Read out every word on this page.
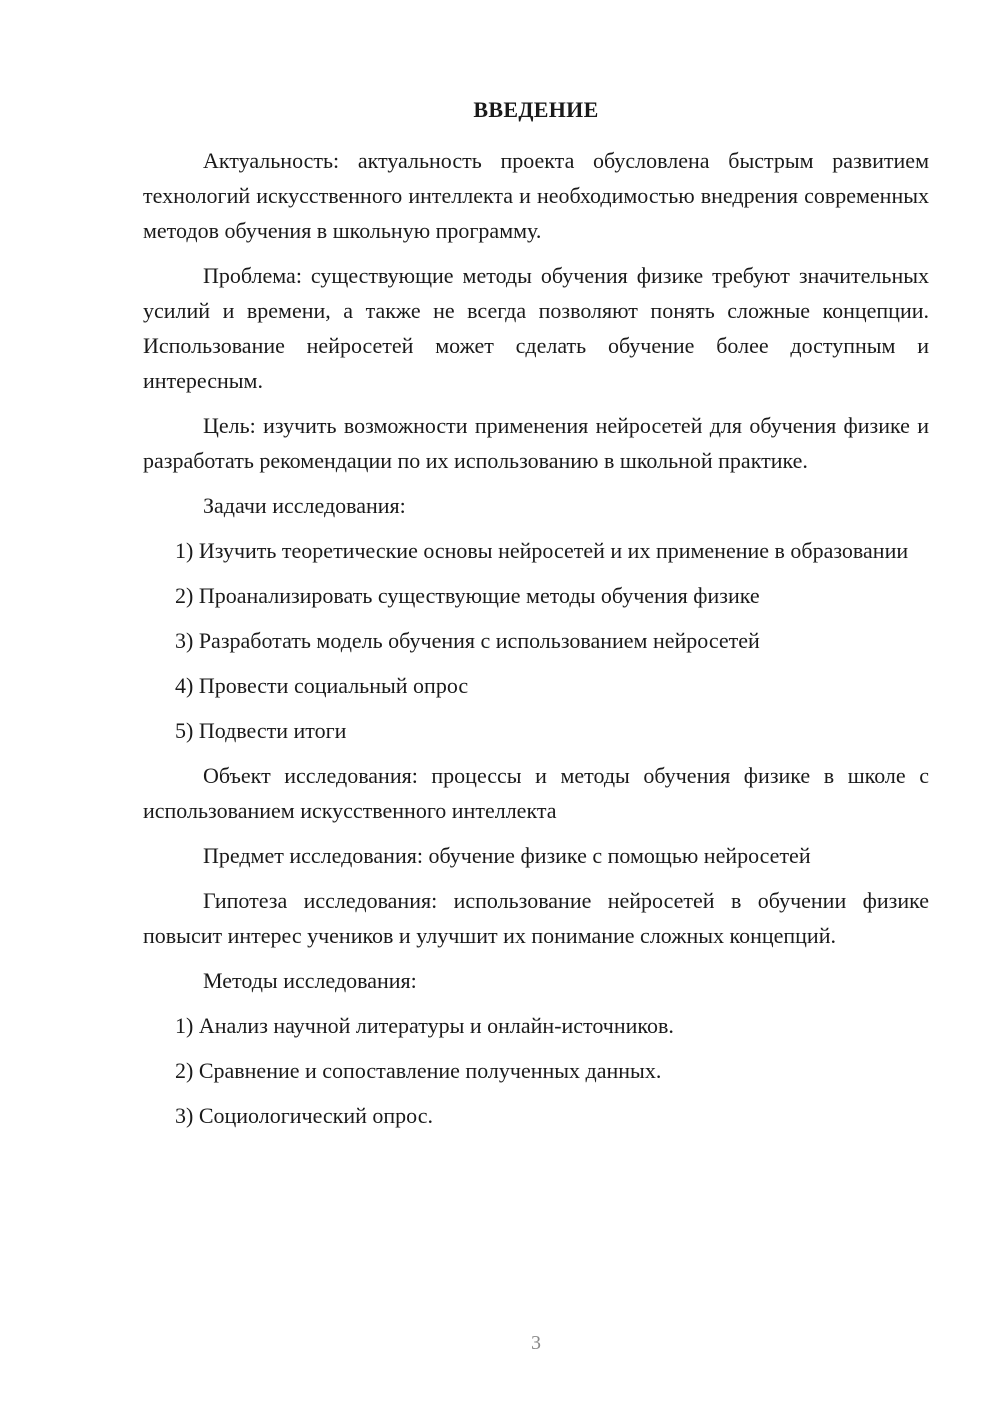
ВВЕДЕНИЕ

Актуальность: актуальность проекта обусловлена быстрым развитием технологий искусственного интеллекта и необходимостью внедрения современных методов обучения в школьную программу.

Проблема: существующие методы обучения физике требуют значительных усилий и времени, а также не всегда позволяют понять сложные концепции. Использование нейросетей может сделать обучение более доступным и интересным.

Цель: изучить возможности применения нейросетей для обучения физике и разработать рекомендации по их использованию в школьной практике.

Задачи исследования:

1) Изучить теоретические основы нейросетей и их применение в образовании

2) Проанализировать существующие методы обучения физике

3) Разработать модель обучения с использованием нейросетей

4) Провести социальный опрос

5) Подвести итоги

Объект исследования: процессы и методы обучения физике в школе с использованием искусственного интеллекта

Предмет исследования: обучение физике с помощью нейросетей

Гипотеза исследования: использование нейросетей в обучении физике повысит интерес учеников и улучшит их понимание сложных концепций.

Методы исследования:

1) Анализ научной литературы и онлайн-источников.

2) Сравнение и сопоставление полученных данных.

3) Социологический опрос.

3
